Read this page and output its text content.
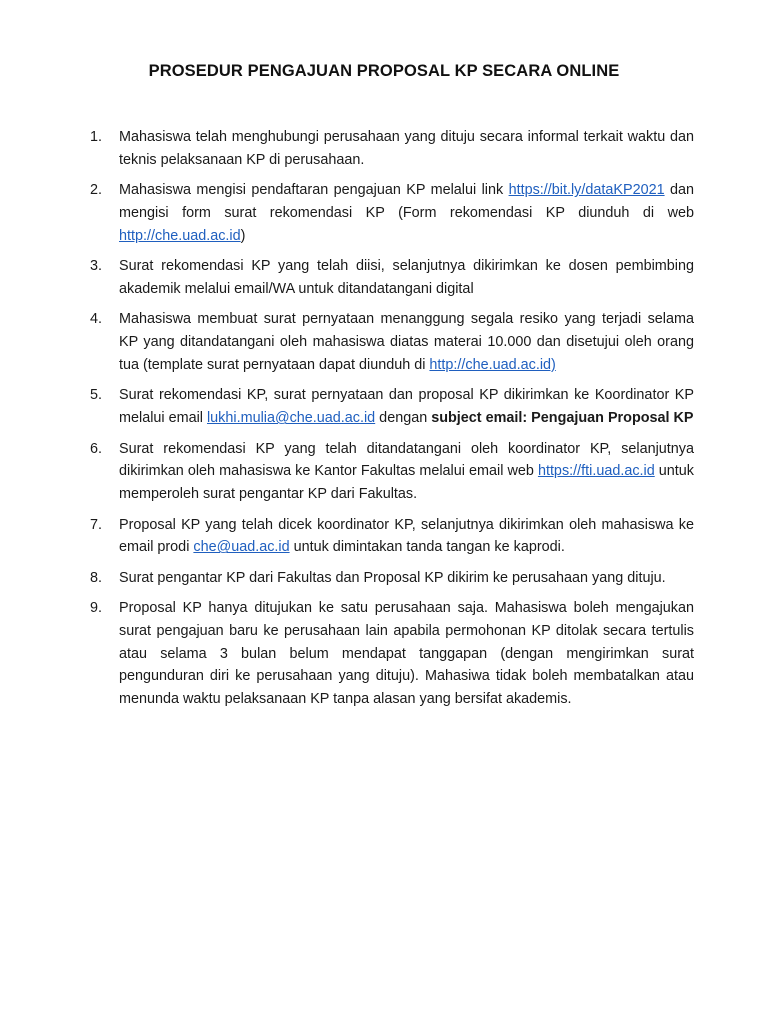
PROSEDUR PENGAJUAN PROPOSAL KP SECARA ONLINE
1.	Mahasiswa telah menghubungi perusahaan yang dituju secara informal terkait waktu dan teknis pelaksanaan KP di perusahaan.
2.	Mahasiswa mengisi pendaftaran pengajuan KP melalui link https://bit.ly/dataKP2021 dan mengisi form surat rekomendasi KP (Form rekomendasi KP diunduh di web http://che.uad.ac.id)
3.	Surat rekomendasi KP yang telah diisi, selanjutnya dikirimkan ke dosen pembimbing akademik melalui email/WA untuk ditandatangani digital
4.	Mahasiswa membuat surat pernyataan menanggung segala resiko yang terjadi selama KP yang ditandatangani oleh mahasiswa diatas materai 10.000 dan disetujui oleh orang tua (template surat pernyataan dapat diunduh di http://che.uad.ac.id)
5.	Surat rekomendasi KP, surat pernyataan dan proposal KP dikirimkan ke Koordinator KP melalui email lukhi.mulia@che.uad.ac.id dengan subject email: Pengajuan Proposal KP
6.	Surat rekomendasi KP yang telah ditandatangani oleh koordinator KP, selanjutnya dikirimkan oleh mahasiswa ke Kantor Fakultas melalui email web https://fti.uad.ac.id untuk memperoleh surat pengantar KP dari Fakultas.
7.	Proposal KP yang telah dicek koordinator KP, selanjutnya dikirimkan oleh mahasiswa ke email prodi che@uad.ac.id untuk dimintakan tanda tangan ke kaprodi.
8.	Surat pengantar KP dari Fakultas dan Proposal KP dikirim ke perusahaan yang dituju.
9.	Proposal KP hanya ditujukan ke satu perusahaan saja. Mahasiswa boleh mengajukan surat pengajuan baru ke perusahaan lain apabila permohonan KP ditolak secara tertulis atau selama 3 bulan belum mendapat tanggapan (dengan mengirimkan surat pengunduran diri ke perusahaan yang dituju). Mahasiwa tidak boleh membatalkan atau menunda waktu pelaksanaan KP tanpa alasan yang bersifat akademis.
